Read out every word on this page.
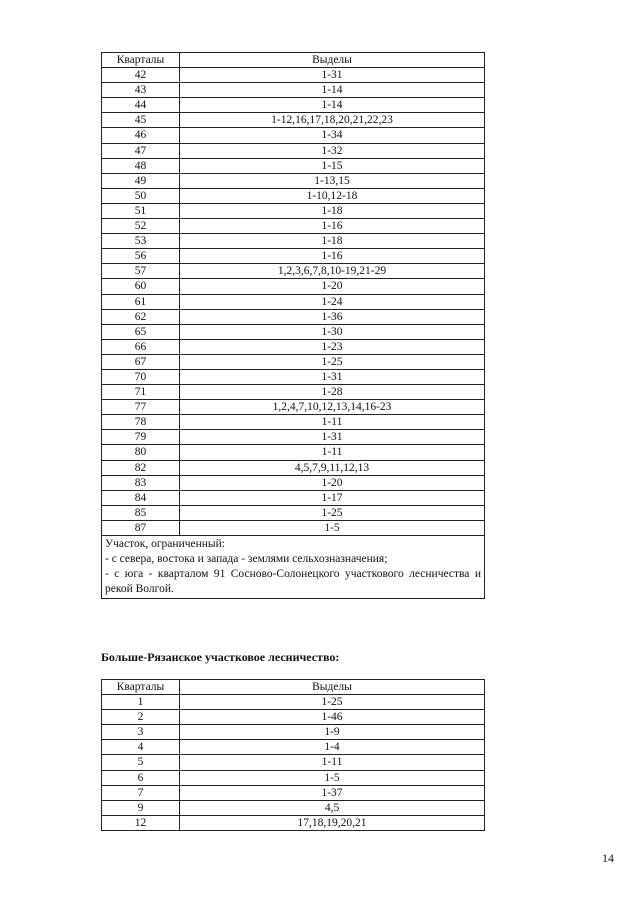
Кварталы	Выделы
42	1-31
43	1-14
44	1-14
45	1-12,16,17,18,20,21,22,23
46	1-34
47	1-32
48	1-15
49	1-13,15
50	1-10,12-18
51	1-18
52	1-16
53	1-18
56	1-16
57	1,2,3,6,7,8,10-19,21-29
60	1-20
61	1-24
62	1-36
65	1-30
66	1-23
67	1-25
70	1-31
71	1-28
77	1,2,4,7,10,12,13,14,16-23
78	1-11
79	1-31
80	1-11
82	4,5,7,9,11,12,13
83	1-20
84	1-17
85	1-25
87	1-5

Участок, ограниченный:
- с севера, востока и запада - землями сельхозназначения;
- с юга - кварталом 91 Сосново-Солонецкого участкового лесничества и рекой Волгой.	
Больше-Рязанское участковое лесничество:
Кварталы	Выделы
1	1-25
2	1-46
3	1-9
4	1-4
5	1-11
6	1-5
7	1-37
9	4,5
12	17,18,19,20,21
14
